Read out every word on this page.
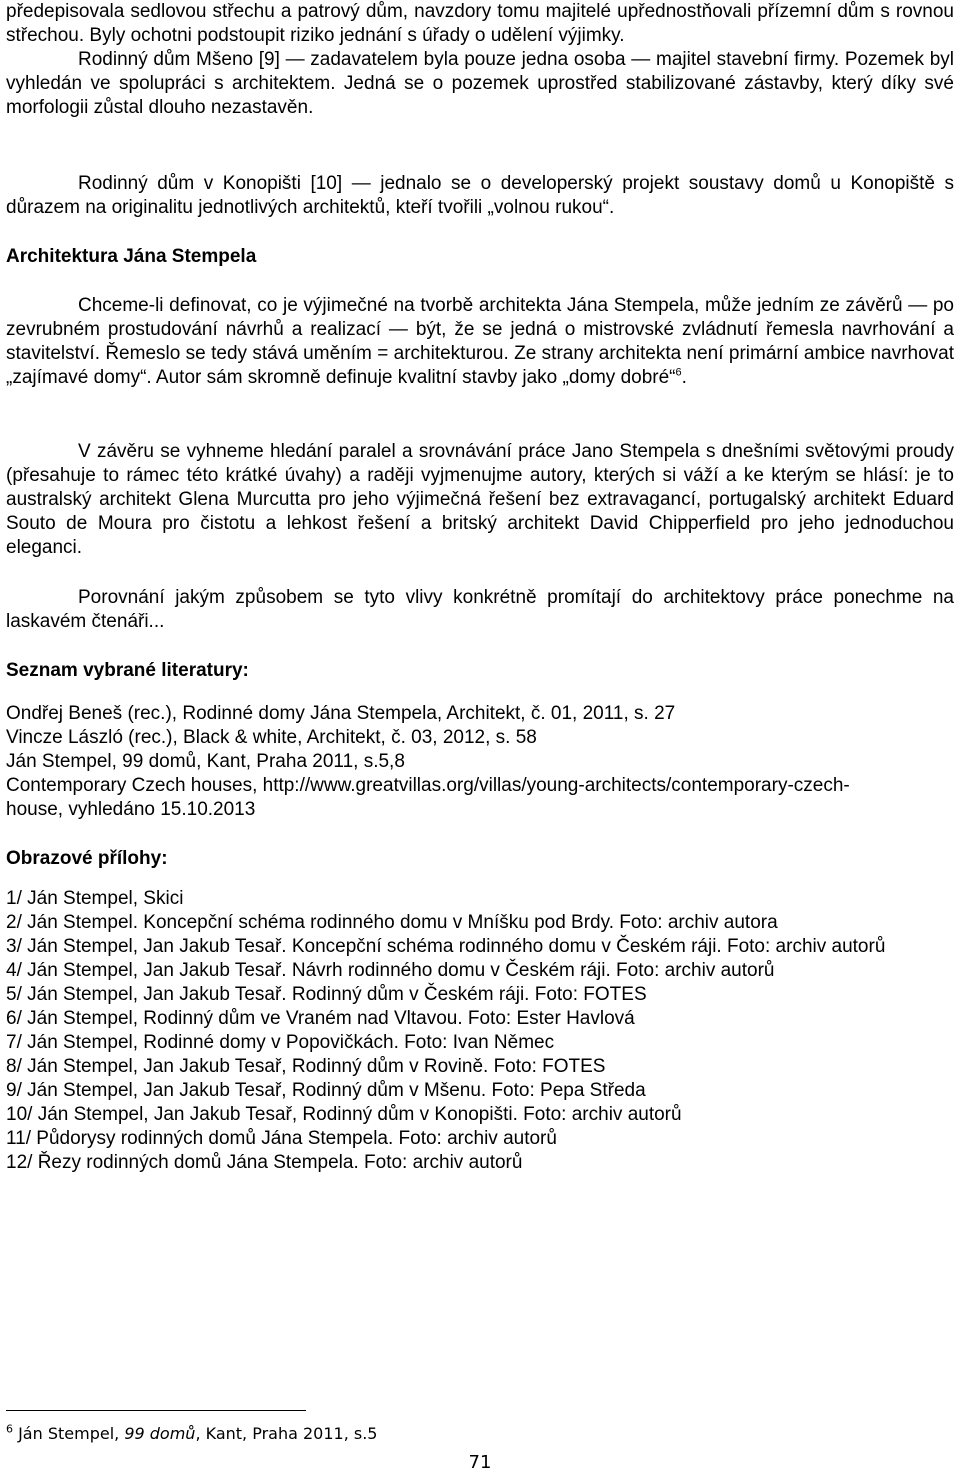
předepisovala sedlovou střechu a patrový dům, navzdory tomu majitelé upřednostňovali přízemní dům s rovnou střechou. Byly ochotni podstoupit riziko jednání s úřady o udělení výjimky.

Rodinný dům Mšeno [9] — zadavatelem byla pouze jedna osoba — majitel stavební firmy. Pozemek byl vyhledán ve spolupráci s architektem. Jedná se o pozemek uprostřed stabilizované zástavby, který díky své morfologii zůstal dlouho nezastavěn.

Rodinný dům v Konopišti [10] — jednalo se o developerský projekt soustavy domů u Konopiště s důrazem na originalitu jednotlivých architektů, kteří tvořili „volnou rukou“.

Architektura Jána Stempela

Chceme-li definovat, co je výjimečné na tvorbě architekta Jána Stempela, může jedním ze závěrů — po zevrubném prostudování návrhů a realizací — být, že se jedná o mistrovské zvládnutí řemesla navrhování a stavitelství. Řemeslo se tedy stává uměním = architekturou. Ze strany architekta není primární ambice navrhovat „zajímavé domy“. Autor sám skromně definuje kvalitní stavby jako „domy dobré“$^6$.

V závěru se vyhneme hledání paralel a srovnávání práce Jano Stempela s dnešními světovými proudy (přesahuje to rámec této krátké úvahy) a raději vyjmenujme autory, kterých si váží a ke kterým se hlásí: je to australský architekt Glena Murcutta pro jeho výjimečná řešení bez extravagancí, portugalský architekt Eduard Souto de Moura pro čistotu a lehkost řešení a britský architekt David Chipperfield pro jeho jednoduchou eleganci.

Porovnání jakým způsobem se tyto vlivy konkrétně promítají do architektovy práce ponechme na laskavém čtenáři...

Seznam vybrané literatury:

Ondřej Beneš (rec.), Rodinné domy Jána Stempela, Architekt, č. 01, 2011, s. 27

Vincze László (rec.), Black & white, Architekt, č. 03, 2012, s. 58

Ján Stempel, 99 domů, Kant, Praha 2011, s.5,8

Contemporary Czech houses, http://www.greatvillas.org/villas/young-architects/contemporary-czech-

house, vyhledáno 15.10.2013

Obrazové přílohy:

1/ Ján Stempel, Skici

2/ Ján Stempel. Koncepční schéma rodinného domu v Mníšku pod Brdy. Foto: archiv autora

3/ Ján Stempel, Jan Jakub Tesař. Koncepční schéma rodinného domu v Českém ráji. Foto: archiv autorů

4/ Ján Stempel, Jan Jakub Tesař. Návrh rodinného domu v Českém ráji. Foto: archiv autorů

5/ Ján Stempel, Jan Jakub Tesař. Rodinný dům v Českém ráji. Foto: FOTES

6/ Ján Stempel, Rodinný dům ve Vraném nad Vltavou. Foto: Ester Havlová

7/ Ján Stempel, Rodinné domy v Popovičkách. Foto: Ivan Němec

8/ Ján Stempel, Jan Jakub Tesař, Rodinný dům v Rovině. Foto: FOTES

9/ Ján Stempel, Jan Jakub Tesař, Rodinný dům v Mšenu. Foto: Pepa Středa

10/ Ján Stempel, Jan Jakub Tesař, Rodinný dům v Konopišti. Foto: archiv autorů

11/ Půdorysy rodinných domů Jána Stempela. Foto: archiv autorů

12/ Řezy rodinných domů Jána Stempela. Foto: archiv autorů

$^6$ Ján Stempel, 99 domů, Kant, Praha 2011, s.5
71
